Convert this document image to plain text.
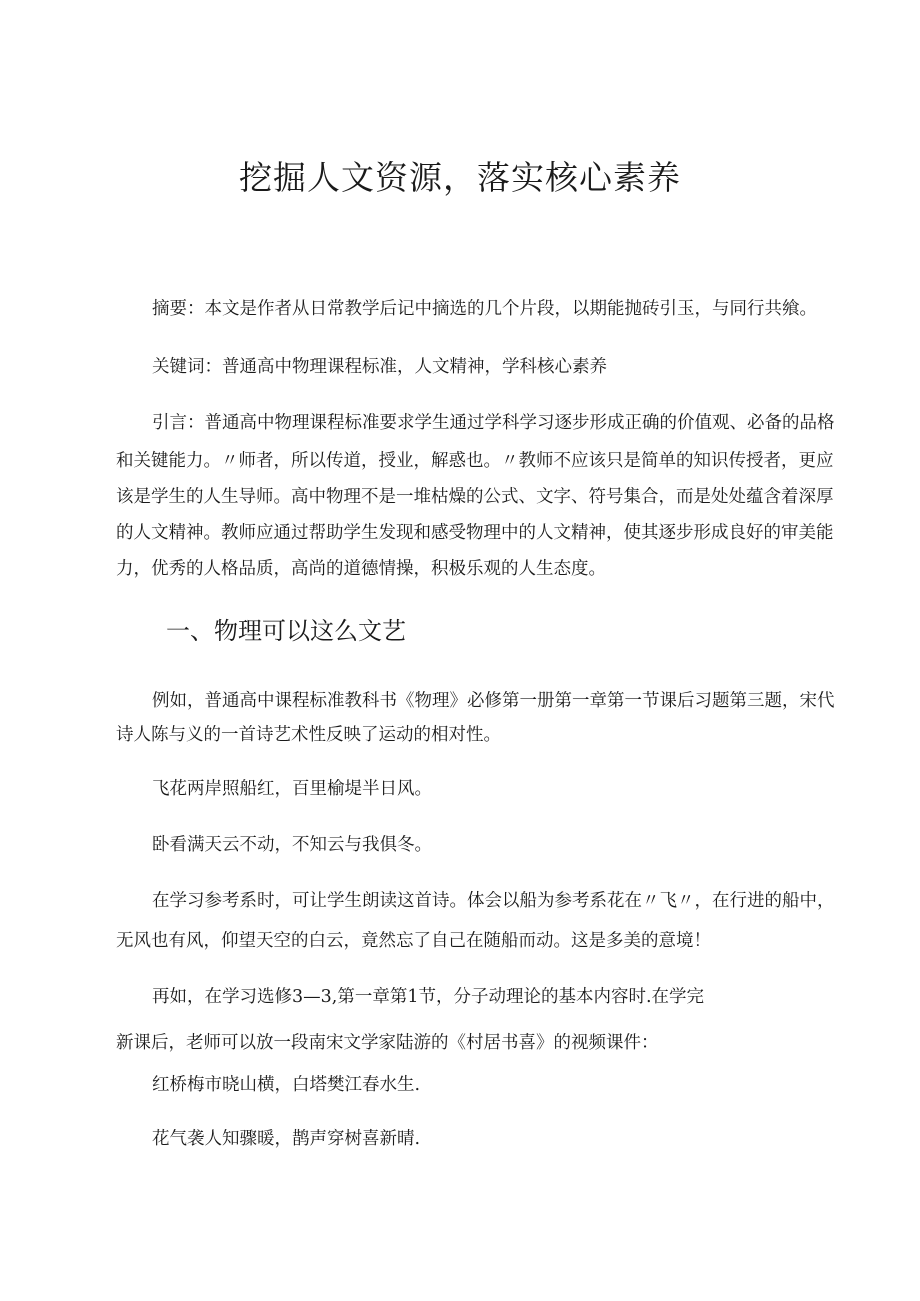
挖掘人文资源，落实核心素养

摘要：本文是作者从日常教学后记中摘选的几个片段，以期能抛砖引玉，与同行共飨。

关键词：普通高中物理课程标准，人文精神，学科核心素养

引言：普通高中物理课程标准要求学生通过学科学习逐步形成正确的价值观、必备的品格

和关键能力。〃师者，所以传道，授业，解惑也。〃教师不应该只是简单的知识传授者，更应

该是学生的人生导师。高中物理不是一堆枯燥的公式、文字、符号集合，而是处处蕴含着深厚

的人文精神。教师应通过帮助学生发现和感受物理中的人文精神，使其逐步形成良好的审美能

力，优秀的人格品质，高尚的道德情操，积极乐观的人生态度。

一、物理可以这么文艺

例如，普通高中课程标准教科书《物理》必修第一册第一章第一节课后习题第三题，宋代

诗人陈与义的一首诗艺术性反映了运动的相对性。

飞花两岸照船红，百里榆堤半日风。

卧看满天云不动，不知云与我俱冬。

在学习参考系时，可让学生朗读这首诗。体会以船为参考系花在〃飞〃，在行进的船中，

无风也有风，仰望天空的白云，竟然忘了自己在随船而动。这是多美的意境！

再如，在学习选修3—3,第一章第1节，分子动理论的基本内容时.在学完

新课后，老师可以放一段南宋文学家陆游的《村居书喜》的视频课件：

红桥梅市晓山横，白塔樊江春水生.

花气袭人知骤暖，鹊声穿树喜新晴.
